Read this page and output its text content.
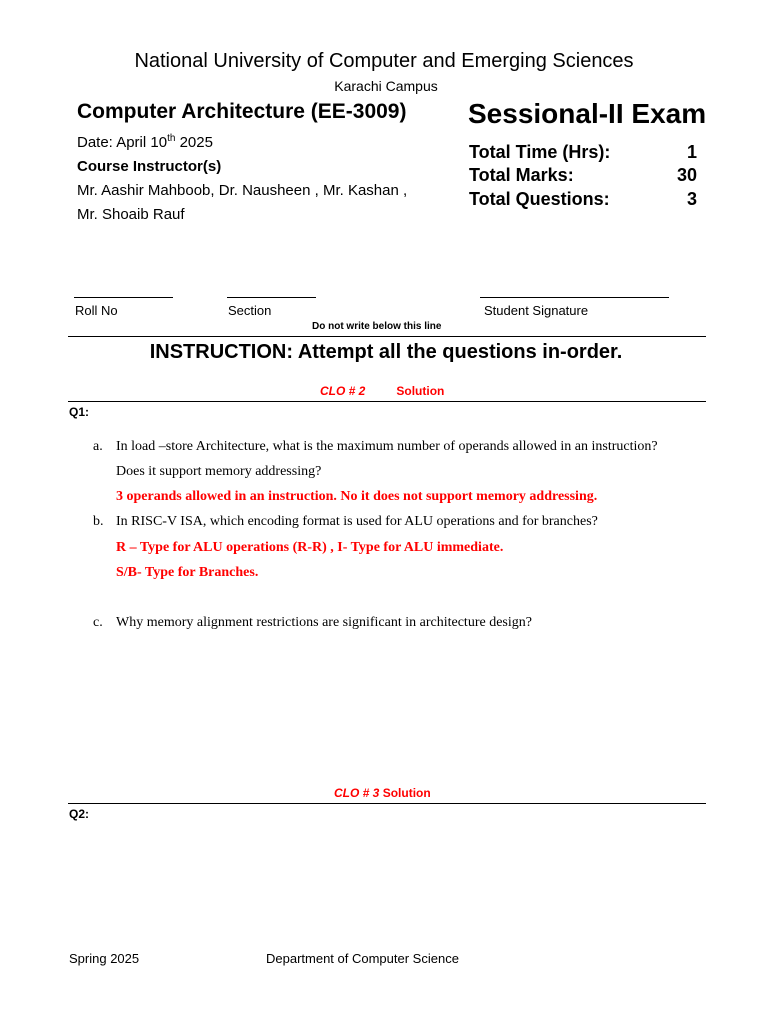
National University of Computer and Emerging Sciences
Karachi Campus
Computer Architecture (EE-3009) Sessional-II Exam
Date: April 10th 2025
Course Instructor(s)
Mr. Aashir Mahboob, Dr. Nausheen , Mr. Kashan ,
Mr. Shoaib Rauf
Total Time (Hrs):	1
Total Marks:	30
Total Questions:	3
Roll No	Section	Student Signature
Do not write below this line
INSTRUCTION: Attempt all the questions in-order.
CLO # 2	Solution
Q1:
a. In load –store Architecture, what is the maximum number of operands allowed in an instruction?
Does it support memory addressing?
3 operands allowed in an instruction. No it does not support memory addressing.
b. In RISC-V ISA, which encoding format is used for ALU operations and for branches?
R – Type for ALU operations (R-R) , I- Type for ALU immediate.
S/B- Type for Branches.
c. Why memory alignment restrictions are significant in architecture design?
CLO # 3 Solution
Q2:
Spring 2025	Department of Computer Science
